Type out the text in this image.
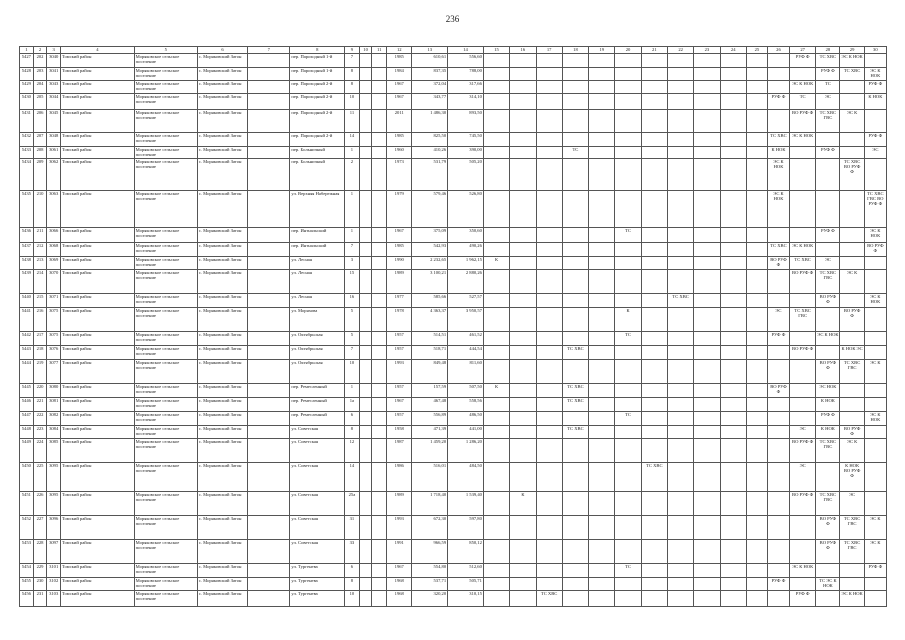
236
1	2	3	4	5	6	7	8	9	10	11	12	13	14	15	16	17	18	19	20	21	22	23	24	25	26	27	28	29	30
5427	202	3040	Томский район	Моряковское сельское поселение	с. Моряковский Затон		пер. Пароходный 1-й	7			1985	610,61	556,60													РУФ Ф	ТС ХВС	ЭС К НОК	
5428	203	3041	Томский район	Моряковское сельское поселение	с. Моряковский Затон		пер. Пароходный 1-й	8			1984	837,35	788,00														РУФ Ф	ТС ХВС	ЭС К НОК
5429	204	3043	Томский район	Моряковское сельское поселение	с. Моряковский Затон		пер. Пароходный 2-й	8			1967	372,04	317,66													ЭС К НОК	ТС		РУФ Ф
5430	205	3044	Томский район	Моряковское сельское поселение	с. Моряковский Затон		пер. Пароходный 2-й	10			1967	343,77	314,10												РУФ Ф	ТС	ЭС		К НОК
5431	206	3045	Томский район	Моряковское сельское поселение	с. Моряковский Затон		пер. Пароходный 2-й	11			2011	1 486,30	893,50													ВО РУФ Ф	ТС ХВС ГВС	ЭС К	
5432	207	3048	Томский район	Моряковское сельское поселение	с. Моряковский Затон		пер. Пароходный 2-й	14			1985	825,50	745,50												ТС ХВС	ЭС К НОК			РУФ Ф
5433	208	3061	Томский район	Моряковское сельское поселение	с. Моряковский Затон		пер. Больничный	1			1960	410,26	390,00				ТС								К НОК		РУФ Ф		ЭС
5434	209	3062	Томский район	Моряковское сельское поселение	с. Моряковский Затон		пер. Больничный	2			1973	531,79	505,20												ЭС К НОК			ТС ХВС ВО РУФ Ф	
5435	210	3063	Томский район	Моряковское сельское поселение	с. Моряковский Затон		ул. Верхняя Набережная	1			1979	579,46	526,80												ЭС К НОК				ТС ХВС ГВС ВО РУФ Ф
5436	211	3066	Томский район	Моряковское сельское поселение	с. Моряковский Затон		пер. Интнальский	1			1967	375,09	350,60						ТС								РУФ Ф		ЭС К НОК
5437	212	3068	Томский район	Моряковское сельское поселение	с. Моряковский Затон		пер. Интнальский	7			1985	542,93	490,26												ТС ХВС	ЭС К НОК			ВО РУФ Ф
5438	213	3069	Томский район	Моряковское сельское поселение	с. Моряковский Затон		ул. Лесная	3			1990	2 232,65	1 962,15	К											ВО РУФ Ф	ТС ХВС	ЭС		
5439	214	3070	Томский район	Моряковское сельское поселение	с. Моряковский Затон		ул. Лесная	15			1989	3 100,21	2 880,26													ВО РУФ Ф	ТС ХВС ГВС	ЭС К	
5440	215	3071	Томский район	Моряковское сельское поселение	с. Моряковский Затон		ул. Лесная	16			1977	585,66	527,57								ТС ХВС						ВО РУФ Ф		ЭС К НОК
5441	216	3075	Томский район	Моряковское сельское поселение	с. Моряковский Затон		ул. Моряхова	5			1978	4 363,37	3 950,57						К						ЭС	ТС ХВС ГВС		ВО РУФ Ф	
5442	217	3075	Томский район	Моряковское сельское поселение	с. Моряковский Затон		ул. Октябрьская	5			1957	514,51	461,52						ТС						РУФ Ф		ЭС К НОК		
5443	218	3076	Томский район	Моряковское сельское поселение	с. Моряковский Затон		ул. Октябрьская	7			1957	518,71	444,54				ТС ХВС									ВО РУФ Ф		К НОК ЭС	
5444	219	3077	Томский район	Моряковское сельское поселение	с. Моряковский Затон		ул. Октябрьская	10			1993	849,48	811,60														ВО РУФ Ф	ТС ХВС ГВС	ЭС К
5445	220	3080	Томский район	Моряковское сельское поселение	с. Моряковский Затон		пер. Ремесленный	1			1957	157,59	507,50	К			ТС ХВС								ВО РУФ Ф		ЭС НОК		
5446	221	3081	Томский район	Моряковское сельское поселение	с. Моряковский Затон		пер. Ремесленный	1а			1967	467,48	558,56				ТС ХВС										К НОК		
5447	222	3082	Томский район	Моряковское сельское поселение	с. Моряковский Затон		пер. Ремесленный	6			1957	556,89	486,50						ТС								РУФ Ф		ЭС К НОК
5448	223	3084	Томский район	Моряковское сельское поселение	с. Моряковский Затон		ул. Советская	8			1958	471,39	441,00				ТС ХВС									ЭС	К НОК	ВО РУФ Ф	
5449	224	3085	Томский район	Моряковское сельское поселение	с. Моряковский Затон		ул. Советская	12			1987	1 459,20	1 286,20													ВО РУФ Ф	ТС ХВС ГВС	ЭС К	
5450	225	3095	Томский район	Моряковское сельское поселение	с. Моряковский Затон		ул. Советская	14			1986	516,01	484,50							ТС ХВС						ЭС		К НОК ВО РУФ Ф	
5451	226	3095	Томский район	Моряковское сельское поселение	с. Моряковский Затон		ул. Советская	25а			1989	1 718,40	1 539,40		К											ВО РУФ Ф	ТС ХВС ГВС	ЭС	
5452	227	3096	Томский район	Моряковское сельское поселение	с. Моряковский Затон		ул. Советская	31			1993	672,30	597,80														ВО РУФ Ф	ТС ХВС ГВС	ЭС К
5453	228	3097	Томский район	Моряковское сельское поселение	с. Моряковский Затон		ул. Советская	33			1991	966,59	850,12														ВО РУФ Ф	ТС ХВС ГВС	ЭС К
5454	229	3101	Томский район	Моряковское сельское поселение	с. Моряковский Затон		ул. Тургенева	6			1967	554,80	512,60						ТС							ЭС К НОК			РУФ Ф
5455	230	3102	Томский район	Моряковское сельское поселение	с. Моряковский Затон		ул. Тургенева	8			1968	537,71	505,71												РУФ Ф		ТС ЭС К НОК		
5456	231	3103	Томский район	Моряковское сельское поселение	с. Моряковский Затон		ул. Тургенева	10			1968	320,20	310,15			ТС ХВС										РУФ Ф		ЭС К НОК	
